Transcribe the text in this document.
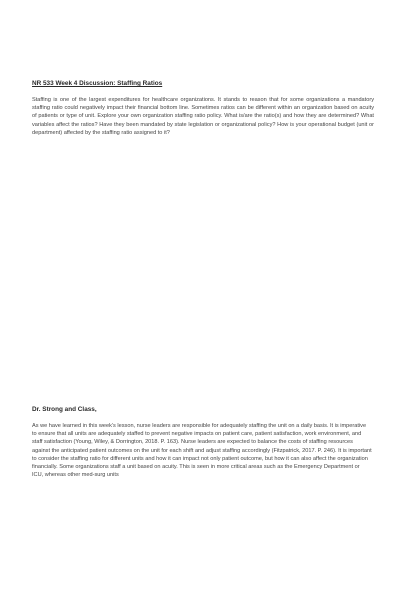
NR 533 Week 4 Discussion: Staffing Ratios

Staffing is one of the largest expenditures for healthcare organizations. It stands to reason that for some organizations a mandatory staffing ratio could negatively impact their financial bottom line. Sometimes ratios can be different within an organization based on acuity of patients or type of unit. Explore your own organization staffing ratio policy. What is/are the ratio(s) and how they are determined? What variables affect the ratios? Have they been mandated by state legislation or organizational policy? How is your operational budget (unit or department) affected by the staffing ratio assigned to it?

Dr. Strong and Class,

As we have learned in this week’s lesson, nurse leaders are responsible for adequately staffing the unit on a daily basis. It is imperative to ensure that all units are adequately staffed to prevent negative impacts on patient care, patient satisfaction, work environment, and staff satisfaction (Young, Wiley, & Dorrington, 2018. P. 163). Nurse leaders are expected to balance the costs of staffing resources against the anticipated patient outcomes on the unit for each shift and adjust staffing accordingly (Fitzpatrick, 2017. P. 246). It is important to consider the staffing ratio for different units and how it can impact not only patient outcome, but how it can also affect the organization financially. Some organizations staff a unit based on acuity. This is seen in more critical areas such as the Emergency Department or ICU, whereas other med-surg units
